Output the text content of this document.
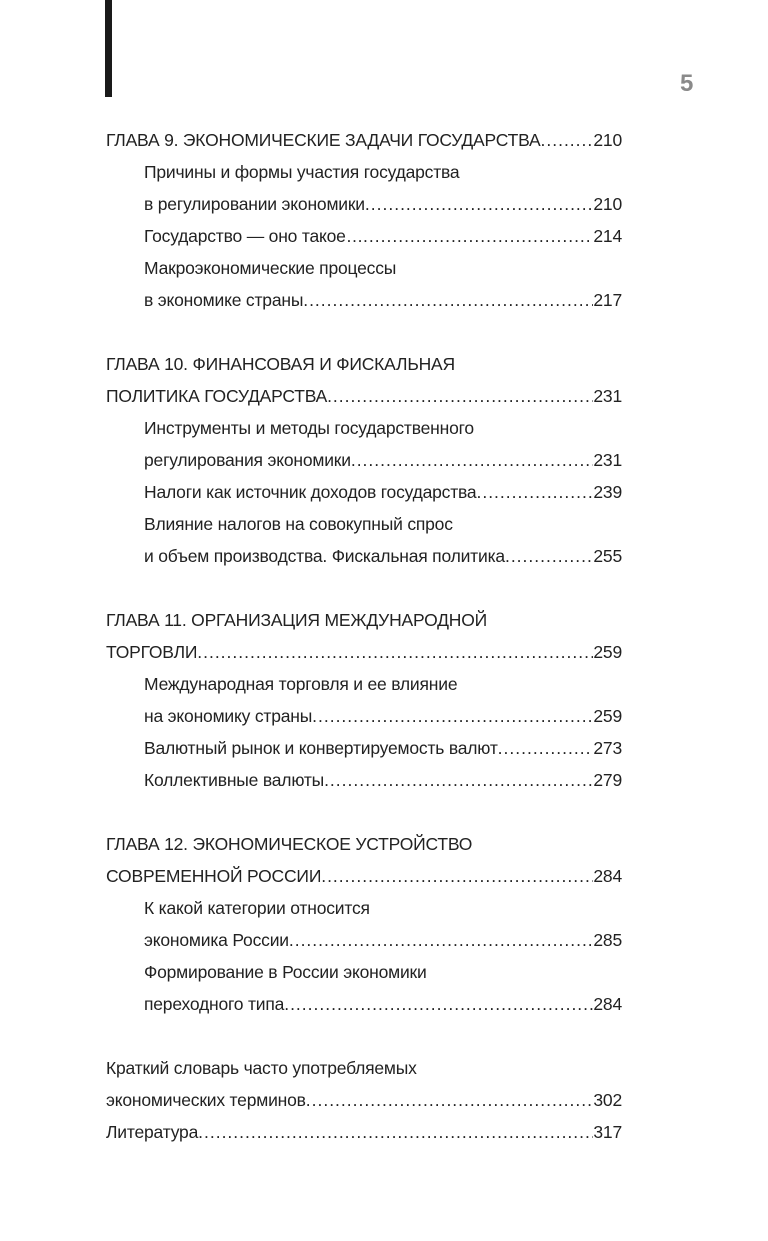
5
ГЛАВА 9. ЭКОНОМИЧЕСКИЕ ЗАДАЧИ ГОСУДАРСТВА .....	210
Причины и формы участия государства
в регулировании экономики .....	210
Государство — оно такое… .....	214
Макроэкономические процессы
в экономике страны .....	217
ГЛАВА 10. ФИНАНСОВАЯ И ФИСКАЛЬНАЯ
ПОЛИТИКА ГОСУДАРСТВА .....	231
Инструменты и методы государственного
регулирования экономики .....	231
Налоги как источник доходов государства .....	239
Влияние налогов на совокупный спрос
и объем производства. Фискальная политика .....	255
ГЛАВА 11. ОРГАНИЗАЦИЯ МЕЖДУНАРОДНОЙ
ТОРГОВЛИ .....	259
Международная торговля и ее влияние
на экономику страны .....	259
Валютный рынок и конвертируемость валют .....	273
Коллективные валюты .....	279
ГЛАВА 12. ЭКОНОМИЧЕСКОЕ УСТРОЙСТВО
СОВРЕМЕННОЙ РОССИИ .....	284
К какой категории относится
экономика России .....	285
Формирование в России экономики
переходного типа .....	284
Краткий словарь часто употребляемых
экономических терминов .....	302
Литература .....	317
